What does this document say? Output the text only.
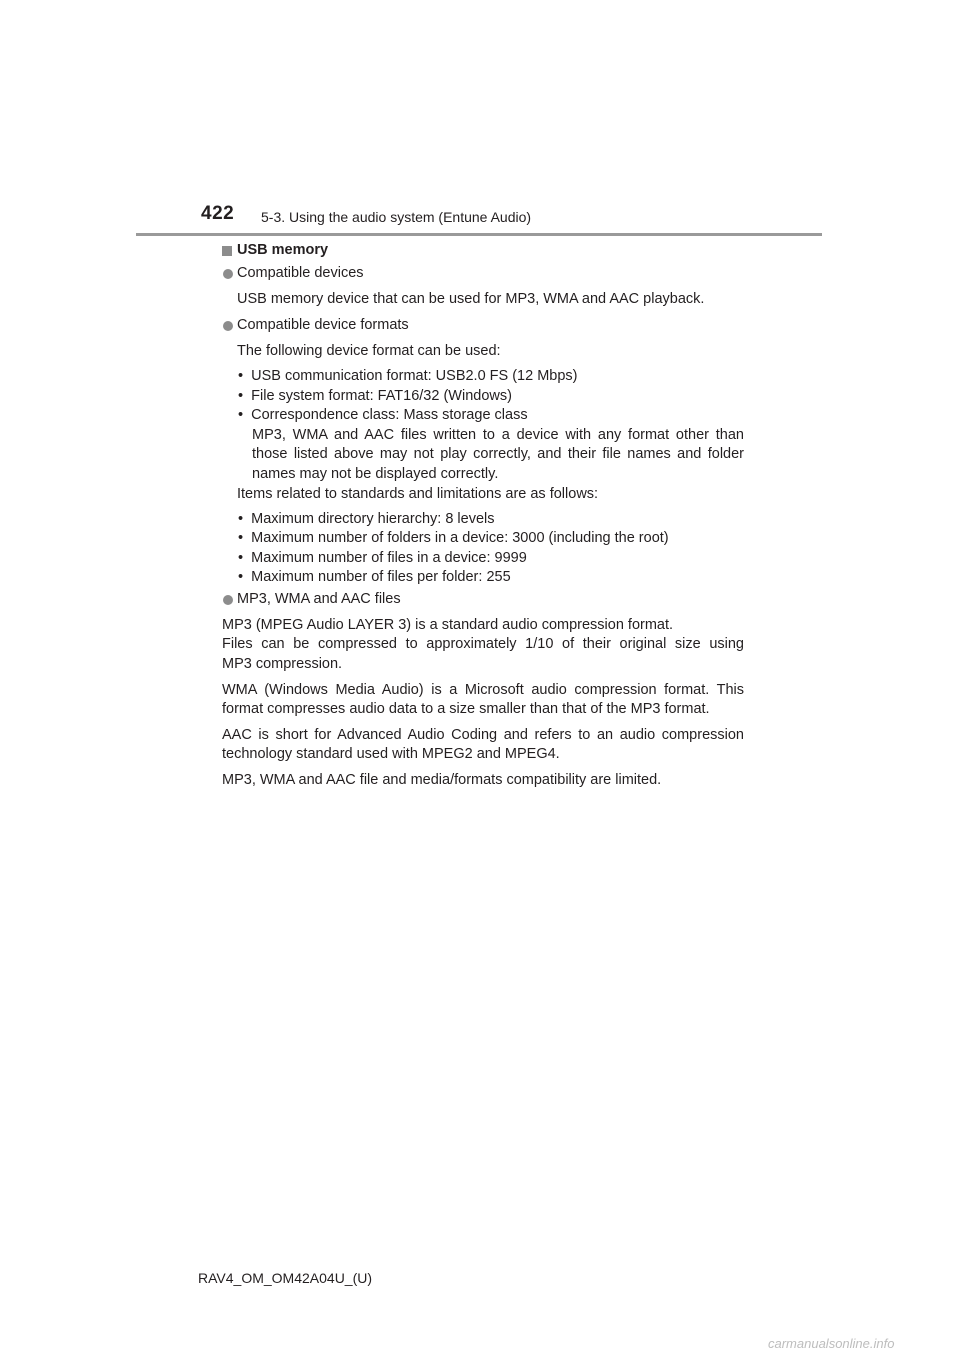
422 5-3. Using the audio system (Entune Audio)
USB memory
Compatible devices
USB memory device that can be used for MP3, WMA and AAC playback.
Compatible device formats
The following device format can be used:
•  USB communication format: USB2.0 FS (12 Mbps)
•  File system format: FAT16/32 (Windows)
•  Correspondence class: Mass storage class
MP3, WMA and AAC files written to a device with any format other than
those listed above may not play correctly, and their file names and folder
names may not be displayed correctly.
Items related to standards and limitations are as follows:
•  Maximum directory hierarchy: 8 levels
•  Maximum number of folders in a device: 3000 (including the root)
•  Maximum number of files in a device: 9999
•  Maximum number of files per folder: 255
MP3, WMA and AAC files
MP3 (MPEG Audio LAYER 3) is a standard audio compression format.
Files can be compressed to approximately 1/10 of their original size using
MP3 compression.
WMA (Windows Media Audio) is a Microsoft audio compression format. This
format compresses audio data to a size smaller than that of the MP3 format.
AAC is short for Advanced Audio Coding and refers to an audio compression
technology standard used with MPEG2 and MPEG4.
MP3, WMA and AAC file and media/formats compatibility are limited.
RAV4_OM_OM42A04U_(U)
carmanualsonline.info
